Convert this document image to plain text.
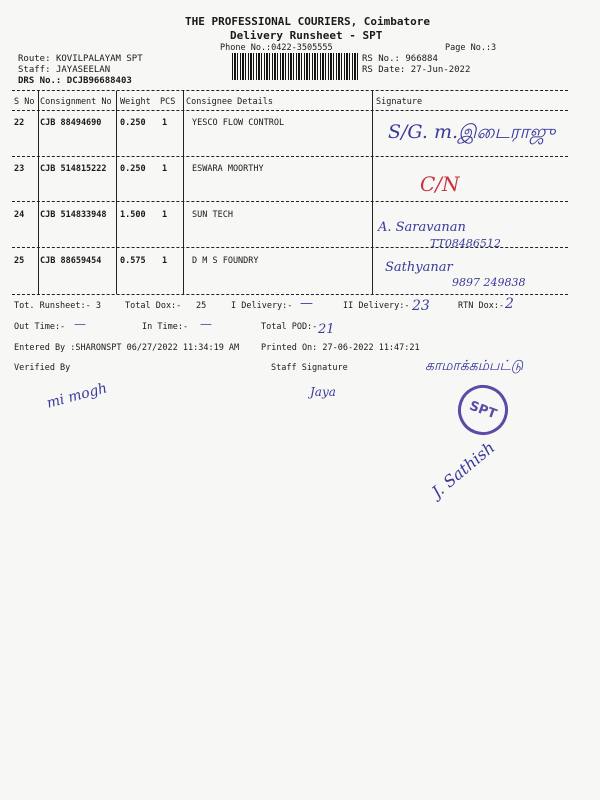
THE PROFESSIONAL COURIERS, Coimbatore
Delivery Runsheet - SPT
Phone No.:0422-3505555	Page No.:3
Route: KOVILPALAYAM SPT
Staff: JAYASEELAN
DRS No.: DCJB96688403
RS No.: 966884
RS Date: 27-Jun-2022
S No Consignment No Weight PCS Consignee Details	Signature
22 CJB 88494690 0.250 1	YESCO FLOW CONTROL	S/G. m.இடைராஜு
23 CJB 514815222 0.250 1	ESWARA MOORTHY
C/N
24 CJB 514833948 1.500 1	SUN TECH
A. Saravanan
TT08486512
25 CJB 88659454 0.575 1	D M S FOUNDRY	Sathyanar
9897 249838
Tot. Runsheet:- 3	Total Dox:- 25	I Delivery:- —	II Delivery:- 23	RTN Dox:- 2
Out Time:- —	In Time:- —	Total POD:- 21
Entered By :SHARONSPT 06/27/2022 11:34:19 AM	Printed On: 27-06-2022 11:47:21
Verified By	Staff Signature
mi mogh	Jaya
காமாக்கம்பட்டு
SPT
J. Sathish
